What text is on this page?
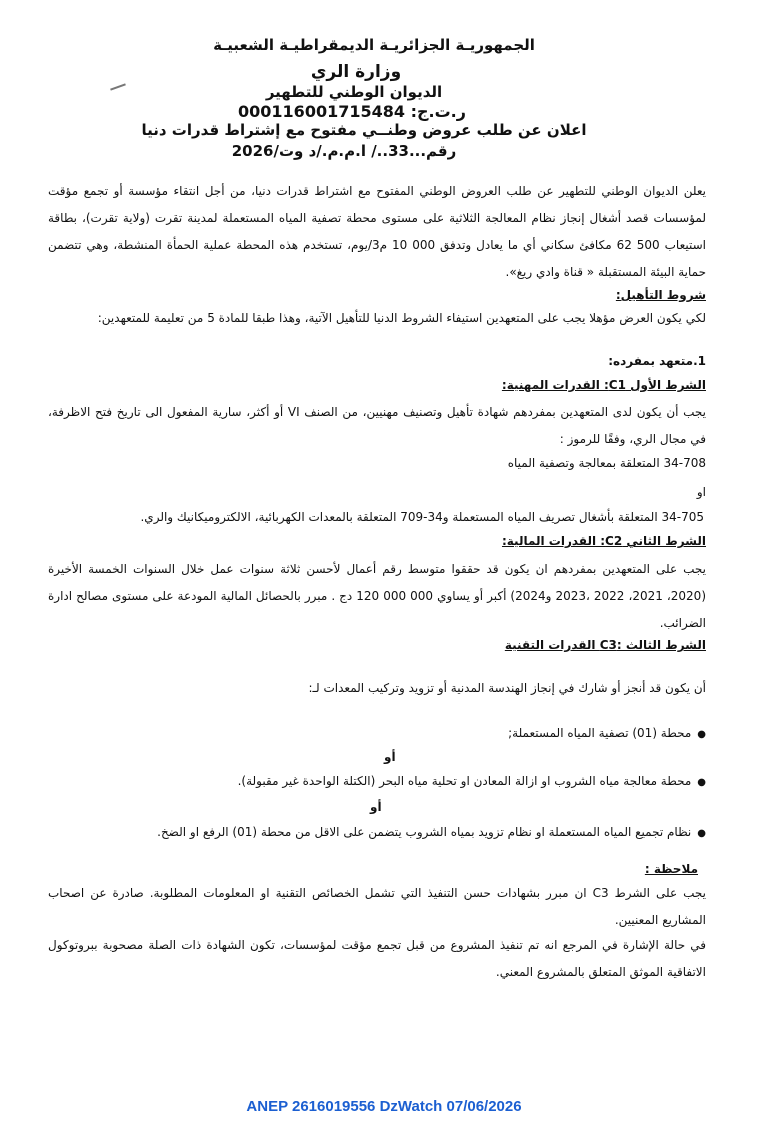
الجمهوريـة الجزائريـة الديمقراطيـة الشعبيـة
وزارة الري
الديوان الوطني للتطهير
ر.ت.ج: 000116001715484
اعلان عن طلب عروض وطنــي مفتوح مع إشتراط قدرات دنيا
رقم...33../ ا.م.م./د وت/2026
يعلن الديوان الوطني للتطهير عن طلب العروض الوطني المفتوح مع اشتراط قدرات دنيا، من أجل انتقاء مؤسسة أو تجمع مؤقت لمؤسسات قصد أشغال إنجاز نظام المعالجة الثلاثية على مستوى محطة تصفية المياه المستعملة لمدينة تقرت (ولاية تقرت)، بطاقة استيعاب 500 62 مكافئ سكاني أي ما يعادل وتدفق 000 10 م3/يوم، تستخدم هذه المحطة عملية الحمأة المنشطة، وهي تتضمن حماية البيئة المستقبلة « قناة وادي ريغ».
شروط التأهيل:
لكي يكون العرض مؤهلا يجب على المتعهدين استيفاء الشروط الدنيا للتأهيل الآتية، وهذا طبقا للمادة 5 من تعليمة للمتعهدين:
1.متعهد بمفرده:
الشرط الأول C1: القدرات المهنية:
يجب أن يكون لدى المتعهدين بمفردهم شهادة تأهيل وتصنيف مهنيين، من الصنف VI أو أكثر، سارية المفعول الى تاريخ فتح الاظرفة، في مجال الري، وفقًا للرموز :
34-708 المتعلقة بمعالجة وتصفية المياه
او
34-705 المتعلقة بأشغال تصريف المياه المستعملة و34-709 المتعلقة بالمعدات الكهربائية، الالكتروميكانيك والري.
الشرط الثاني C2: القدرات المالية:
يجب على المتعهدين بمفردهم ان يكون قد حققوا متوسط رقم أعمال لأحسن ثلاثة سنوات عمل خلال السنوات الخمسة الأخيرة (2020، 2021، 2022 ،2023 و2024) أكبر أو يساوي 000 000 120 دج . مبرر بالحصائل المالية المودعة على مستوى مصالح ادارة الضرائب.
الشرط الثالث :C3 القدرات التقنية
أن يكون قد أنجز أو شارك في إنجاز الهندسة المدنية أو تزويد وتركيب المعدات لـ:
●محطة (01) تصفية المياه المستعملة;
أو
●محطة معالجة مياه الشروب او ازالة المعادن او تحلية مياه البحر (الكتلة الواحدة غير مقبولة).
أو
●نظام تجميع المياه المستعملة او نظام تزويد بمياه الشروب يتضمن على الاقل من محطة (01) الرفع او الضخ.
ملاحظة :
يجب على الشرط C3 ان مبرر بشهادات حسن التنفيذ التي تشمل الخصائص التقنية او المعلومات المطلوبة. صادرة عن اصحاب المشاريع المعنيين.
في حالة الإشارة في المرجع انه تم تنفيذ المشروع من قبل تجمع مؤقت لمؤسسات، تكون الشهادة ذات الصلة مصحوبة ببروتوكول الاتفاقية الموثق المتعلق بالمشروع المعني.
ANEP 2616019556 DzWatch 07/06/2026
